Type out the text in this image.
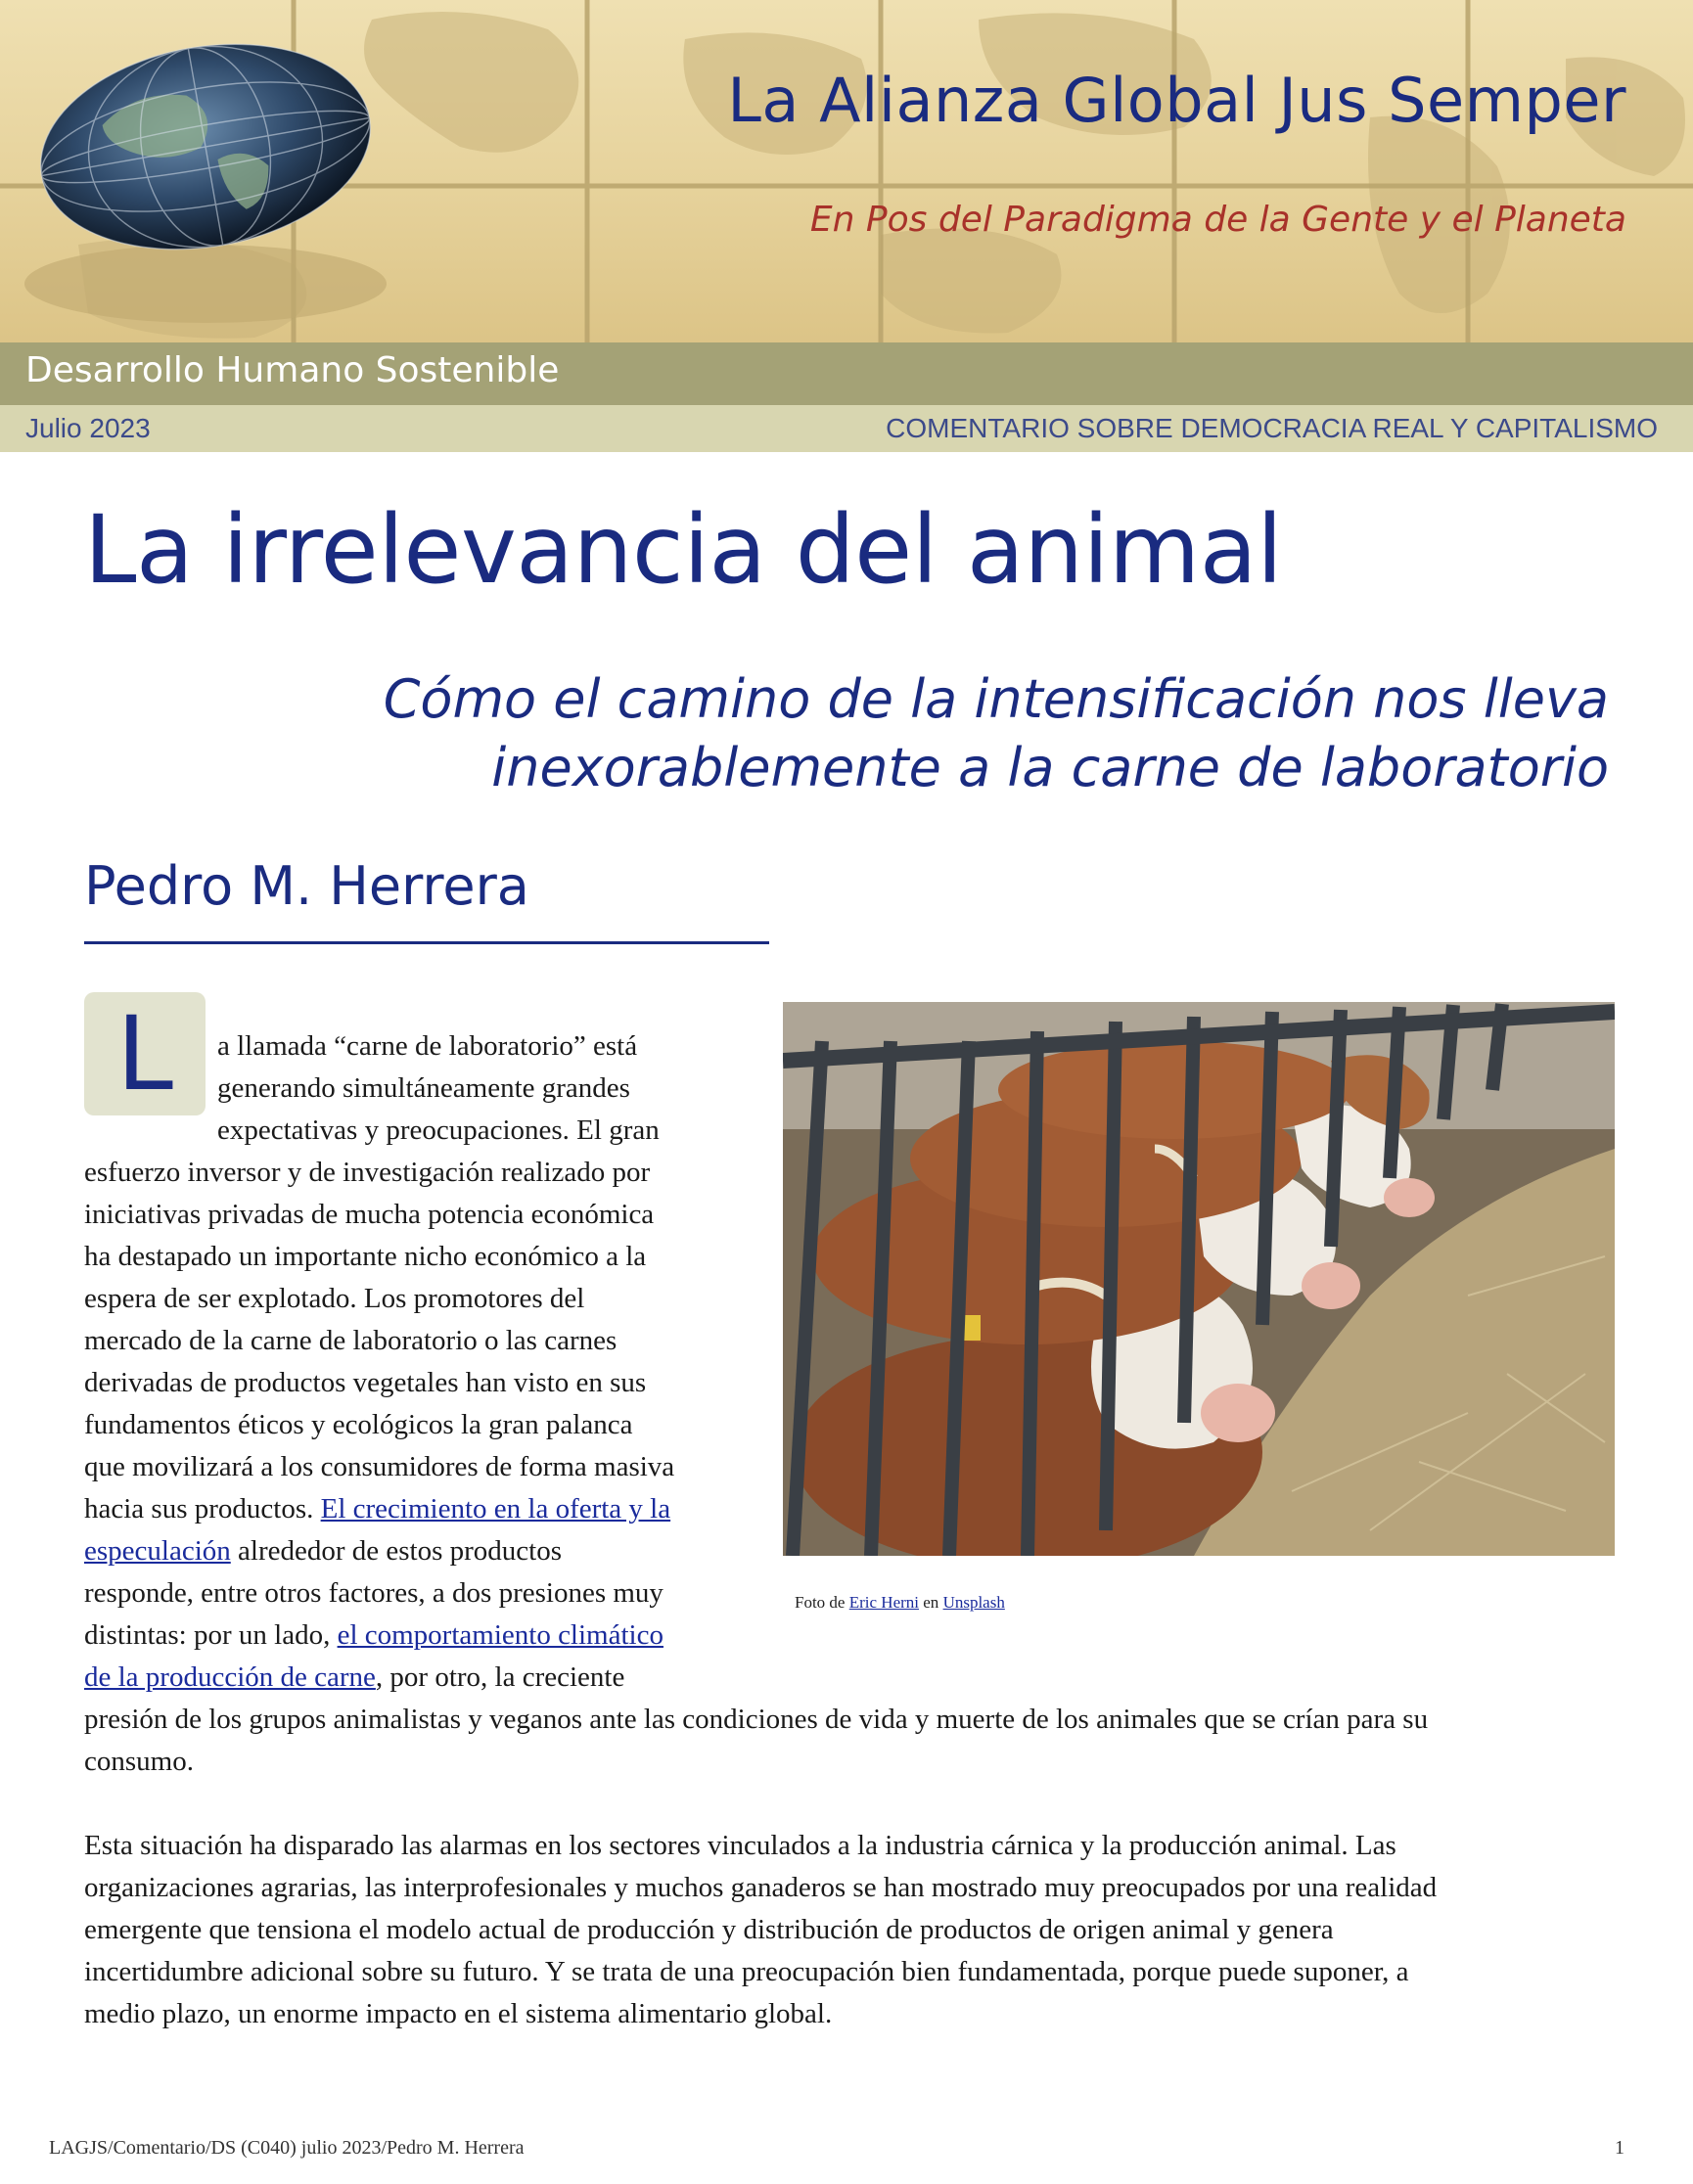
La Alianza Global Jus Semper
En Pos del Paradigma de la Gente y el Planeta
Desarrollo Humano Sostenible
Julio 2023	COMENTARIO SOBRE DEMOCRACIA REAL Y CAPITALISMO
La irrelevancia del animal
Cómo el camino de la intensificación nos lleva
inexorablemente a la carne de laboratorio
Pedro M. Herrera
Foto de Eric Herni en Unsplash
L	a llamada “carne de laboratorio” está
generando simultáneamente grandes
expectativas y preocupaciones. El gran
esfuerzo inversor y de investigación realizado por
iniciativas privadas de mucha potencia económica
ha destapado un importante nicho económico a la
espera de ser explotado. Los promotores del
mercado de la carne de laboratorio o las carnes
derivadas de productos vegetales han visto en sus
fundamentos éticos y ecológicos la gran palanca
que movilizará a los consumidores de forma masiva
hacia sus productos. El crecimiento en la oferta y la
especulación alrededor de estos productos
responde, entre otros factores, a dos presiones muy
distintas: por un lado, el comportamiento climático
de la producción de carne, por otro, la creciente
presión de los grupos animalistas y veganos ante las condiciones de vida y muerte de los animales que se crían para su
consumo.
Esta situación ha disparado las alarmas en los sectores vinculados a la industria cárnica y la producción animal. Las
organizaciones agrarias, las interprofesionales y muchos ganaderos se han mostrado muy preocupados por una realidad
emergente que tensiona el modelo actual de producción y distribución de productos de origen animal y genera
incertidumbre adicional sobre su futuro. Y se trata de una preocupación bien fundamentada, porque puede suponer, a
medio plazo, un enorme impacto en el sistema alimentario global.
LAGJS/Comentario/DS (C040) julio 2023/Pedro M. Herrera	1
